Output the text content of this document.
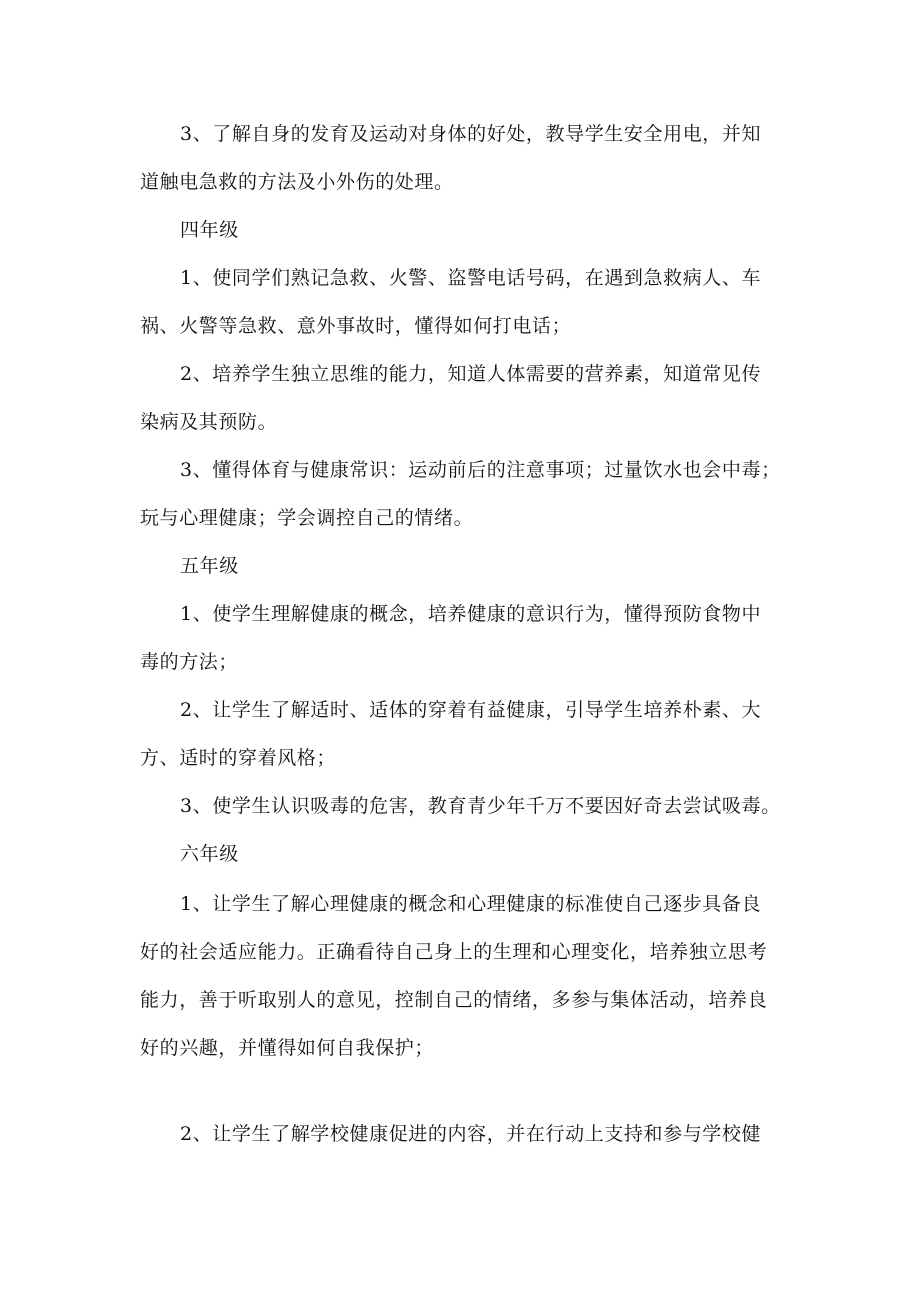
3、了解自身的发育及运动对身体的好处，教导学生安全用电，并知
道触电急救的方法及小外伤的处理。

四年级

1、使同学们熟记急救、火警、盗警电话号码，在遇到急救病人、车
祸、火警等急救、意外事故时，懂得如何打电话；

2、培养学生独立思维的能力，知道人体需要的营养素，知道常见传
染病及其预防。

3、懂得体育与健康常识：运动前后的注意事项；过量饮水也会中毒；
玩与心理健康；学会调控自己的情绪。

五年级

1、使学生理解健康的概念，培养健康的意识行为，懂得预防食物中
毒的方法；

2、让学生了解适时、适体的穿着有益健康，引导学生培养朴素、大
方、适时的穿着风格；

3、使学生认识吸毒的危害，教育青少年千万不要因好奇去尝试吸毒。

六年级

1、让学生了解心理健康的概念和心理健康的标准使自己逐步具备良
好的社会适应能力。正确看待自己身上的生理和心理变化，培养独立思考
能力，善于听取别人的意见，控制自己的情绪，多参与集体活动，培养良
好的兴趣，并懂得如何自我保护；

2、让学生了解学校健康促进的内容，并在行动上支持和参与学校健
